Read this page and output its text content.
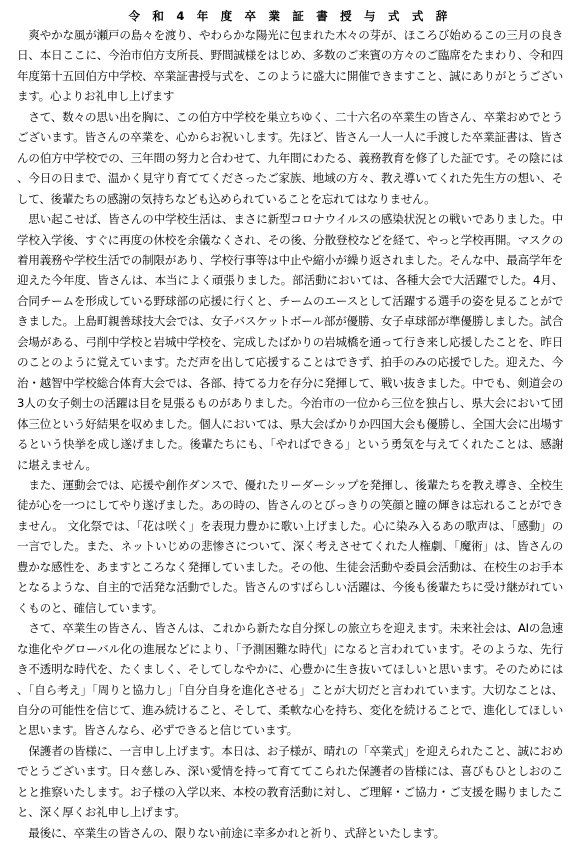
令 和 4 年 度 卒 業 証 書 授 与 式 式 辞

　爽やかな風が瀬戸の島々を渡り、やわらかな陽光に包まれた木々の芽が、ほころび始めるこの三月の良き日、本日ここに、今治市伯方支所長、野間誠様をはじめ、多数のご来賓の方々のご臨席をたまわり、令和四年度第十五回伯方中学校、卒業証書授与式を、このように盛大に開催できますこと、誠にありがとうございます。心よりお礼申し上げます

　さて、数々の思い出を胸に、この伯方中学校を巣立ちゆく、二十六名の卒業生の皆さん、卒業おめでとうございます。皆さんの卒業を、心からお祝いします。先ほど、皆さん一人一人に手渡した卒業証書は、皆さんの伯方中学校での、三年間の努力と合わせて、九年間にわたる、義務教育を修了した証です。その陰には、今日の日まで、温かく見守り育ててくださったご家族、地域の方々、教え導いてくれた先生方の想い、そして、後輩たちの感謝の気持ちなども込められていることを忘れてはなりません。

　思い起こせば、皆さんの中学校生活は、まさに新型コロナウイルスの感染状況との戦いでありました。中学校入学後、すぐに再度の休校を余儀なくされ、その後、分散登校などを経て、やっと学校再開。マスクの着用義務や学校生活での制限があり、学校行事等は中止や縮小が繰り返されました。そんな中、最高学年を迎えた今年度、皆さんは、本当によく頑張りました。部活動においては、各種大会で大活躍でした。4月、合同チームを形成している野球部の応援に行くと、チームのエースとして活躍する選手の姿を見ることができました。上島町親善球技大会では、女子バスケットボール部が優勝、女子卓球部が準優勝しました。試合会場がある、弓削中学校と岩城中学校を、完成したばかりの岩城橋を通って行き来し応援したことを、昨日のことのように覚えています。ただ声を出して応援することはできず、拍手のみの応援でした。迎えた、今治・越智中学校総合体育大会では、各部、持てる力を存分に発揮して、戦い抜きました。中でも、剣道会の3人の女子剣士の活躍は目を見張るものがありました。今治市の一位から三位を独占し、県大会において団体三位という好結果を収めました。個人においては、県大会ばかりか四国大会も優勝し、全国大会に出場するという快挙を成し遂げました。後輩たちにも、「やればできる」という勇気を与えてくれたことは、感謝に堪えません。

　また、運動会では、応援や創作ダンスで、優れたリーダーシップを発揮し、後輩たちを教え導き、全校生徒が心を一つにしてやり遂げました。あの時の、皆さんのとびっきりの笑顔と瞳の輝きは忘れることができません。 文化祭では、「花は咲く」を表現力豊かに歌い上げました。心に染み入るあの歌声は、「感動」の一言でした。また、ネットいじめの悲惨さについて、深く考えさせてくれた人権劇、「魔術」は、皆さんの豊かな感性を、あますところなく発揮していました。その他、生徒会活動や委員会活動は、在校生のお手本となるような、自主的で活発な活動でした。皆さんのすばらしい活躍は、今後も後輩たちに受け継がれていくものと、確信しています。

　さて、卒業生の皆さん、皆さんは、これから新たな自分探しの旅立ちを迎えます。未来社会は、AIの急速な進化やグローバル化の進展などにより、「予測困難な時代」になると言われています。そのような、先行き不透明な時代を、たくましく、そしてしなやかに、心豊かに生き抜いてほしいと思います。そのためには、「自ら考え」「周りと協力し」「自分自身を進化させる」ことが大切だと言われています。大切なことは、自分の可能性を信じて、進み続けること、そして、柔軟な心を持ち、変化を続けることで、進化してほしいと思います。皆さんなら、必ずできると信じています。

　保護者の皆様に、一言申し上げます。本日は、お子様が、晴れの「卒業式」を迎えられたこと、誠におめでとうございます。日々慈しみ、深い愛情を持って育ててこられた保護者の皆様には、喜びもひとしおのことと推察いたします。お子様の入学以来、本校の教育活動に対し、ご理解・ご協力・ご支援を賜りましたこと、深く厚くお礼申し上げます。

　最後に、卒業生の皆さんの、限りない前途に幸多かれと祈り、式辞といたします。
